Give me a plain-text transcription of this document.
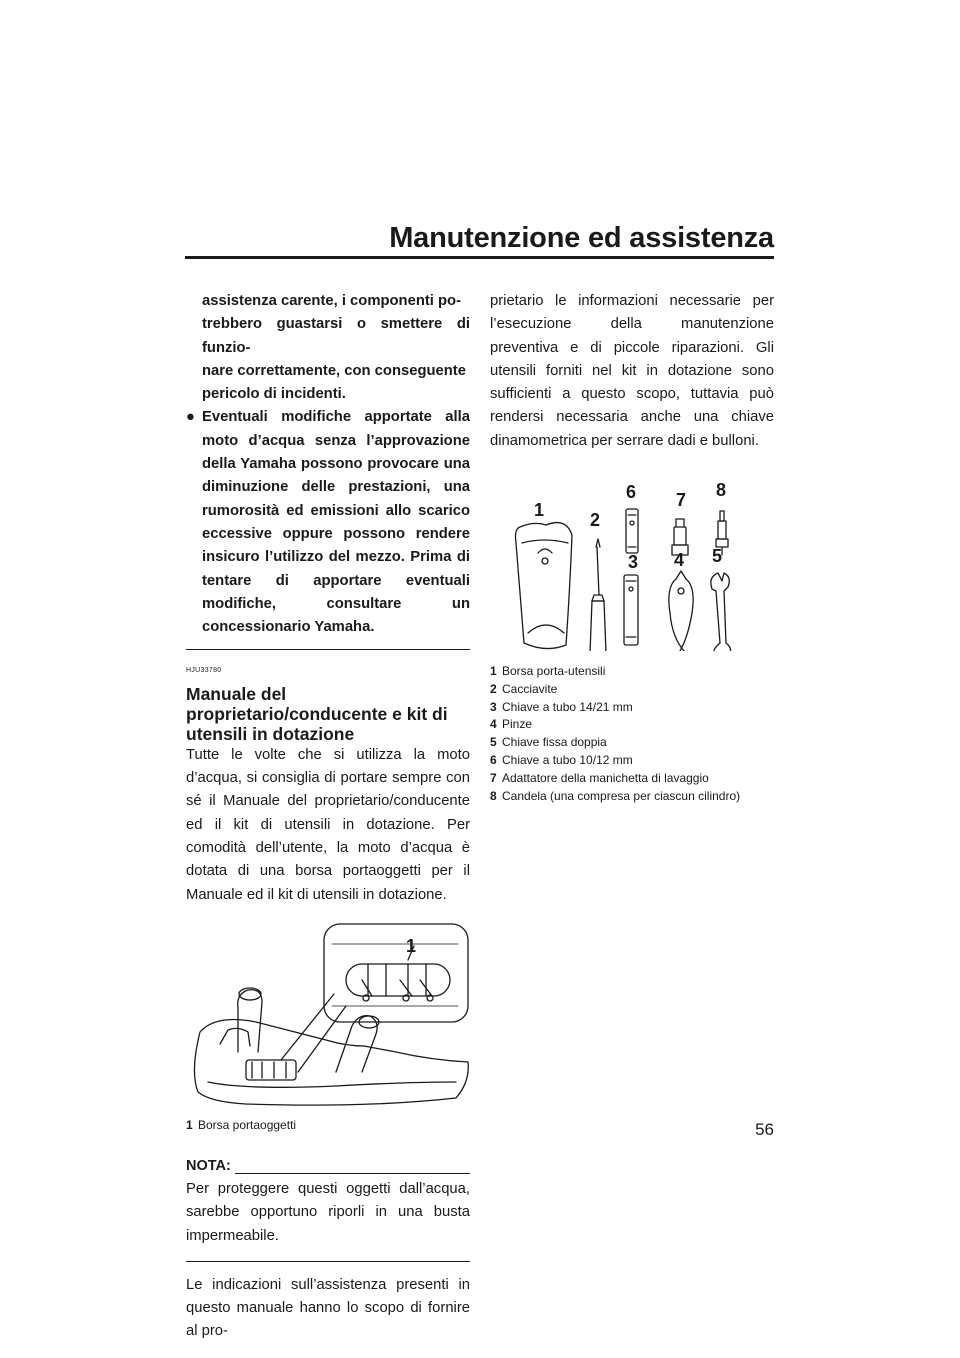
Manutenzione ed assistenza
assistenza carente, i componenti po-
trebbero guastarsi o smettere di funzio-
nare correttamente, con conseguente
pericolo di incidenti.
● Eventuali modifiche apportate alla moto d’acqua senza l’approvazione della Yamaha possono provocare una diminuzione delle prestazioni, una rumorosità ed emissioni allo scarico eccessive oppure possono rendere insicuro l’utilizzo del mezzo. Prima di tentare di apportare eventuali modifiche, consultare un concessionario Yamaha.
HJU33780
Manuale del proprietario/conducente e kit di utensili in dotazione
Tutte le volte che si utilizza la moto d’acqua, si consiglia di portare sempre con sé il Manuale del proprietario/conducente ed il kit di utensili in dotazione. Per comodità dell’utente, la moto d’acqua è dotata di una borsa portaoggetti per il Manuale ed il kit di utensili in dotazione.
1
1 Borsa portaoggetti
NOTA:
Per proteggere questi oggetti dall’acqua, sarebbe opportuno riporli in una busta impermeabile.
Le indicazioni sull’assistenza presenti in questo manuale hanno lo scopo di fornire al pro-
prietario le informazioni necessarie per l’esecuzione della manutenzione preventiva e di piccole riparazioni. Gli utensili forniti nel kit in dotazione sono sufficienti a questo scopo, tuttavia può rendersi necessaria anche una chiave dinamometrica per serrare dadi e bulloni.
1	2
3 4 5
6 7 8
1 Borsa porta-utensili
2 Cacciavite
3 Chiave a tubo 14/21 mm
4 Pinze
5 Chiave fissa doppia
6 Chiave a tubo 10/12 mm
7 Adattatore della manichetta di lavaggio
8 Candela (una compresa per ciascun cilindro)
56
